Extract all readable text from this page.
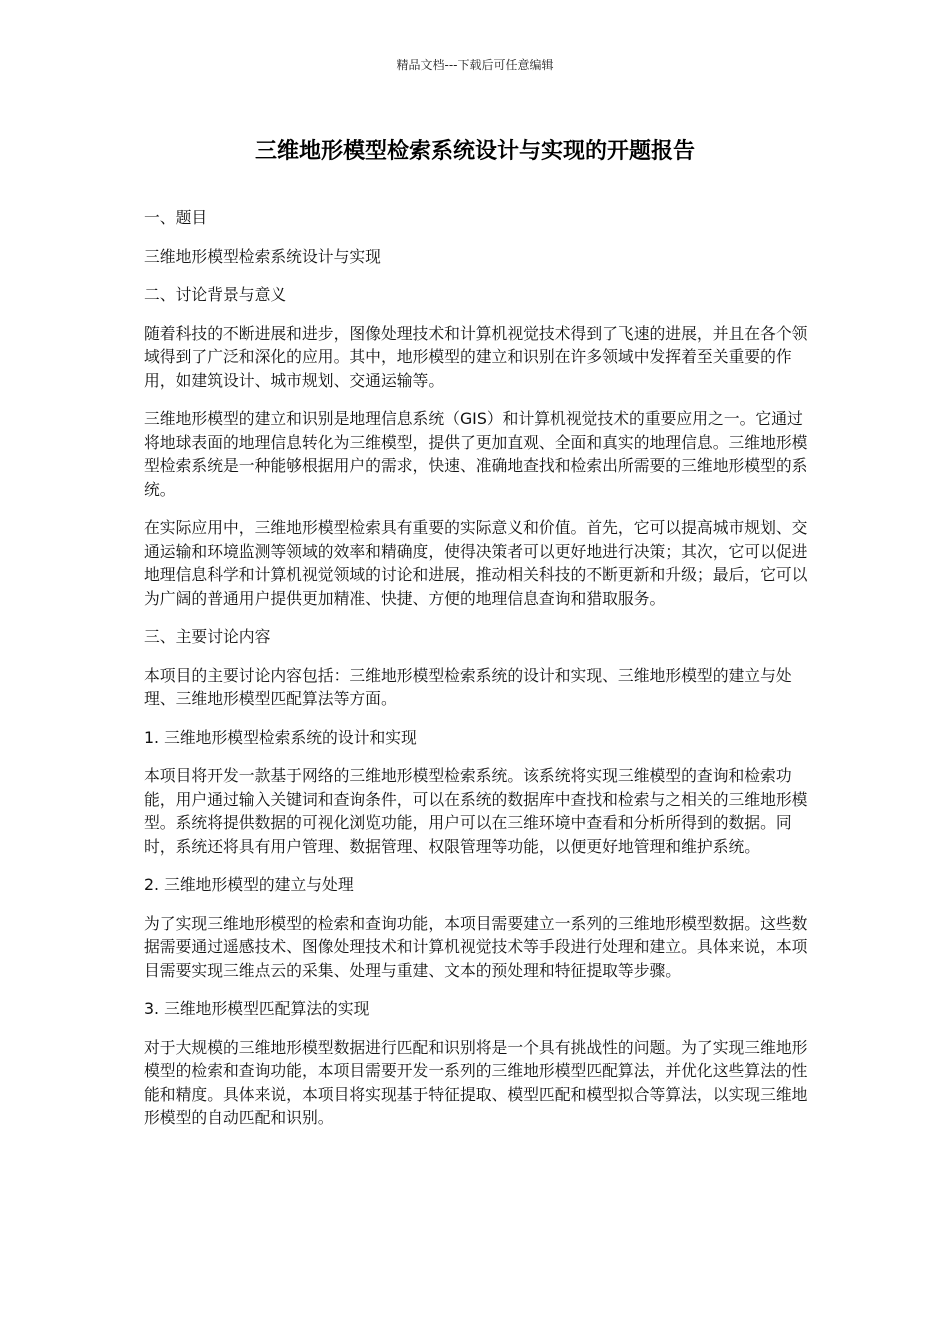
精品文档---下载后可任意编辑
三维地形模型检索系统设计与实现的开题报告

一、题目

三维地形模型检索系统设计与实现

二、讨论背景与意义

随着科技的不断进展和进步，图像处理技术和计算机视觉技术得到了飞速的进展，并且在各个领域得到了广泛和深化的应用。其中，地形模型的建立和识别在许多领域中发挥着至关重要的作用，如建筑设计、城市规划、交通运输等。

三维地形模型的建立和识别是地理信息系统（GIS）和计算机视觉技术的重要应用之一。它通过将地球表面的地理信息转化为三维模型，提供了更加直观、全面和真实的地理信息。三维地形模型检索系统是一种能够根据用户的需求，快速、准确地查找和检索出所需要的三维地形模型的系统。

在实际应用中，三维地形模型检索具有重要的实际意义和价值。首先，它可以提高城市规划、交通运输和环境监测等领域的效率和精确度，使得决策者可以更好地进行决策；其次，它可以促进地理信息科学和计算机视觉领域的讨论和进展，推动相关科技的不断更新和升级；最后，它可以为广阔的普通用户提供更加精准、快捷、方便的地理信息查询和猎取服务。

三、主要讨论内容

本项目的主要讨论内容包括：三维地形模型检索系统的设计和实现、三维地形模型的建立与处理、三维地形模型匹配算法等方面。

1. 三维地形模型检索系统的设计和实现

本项目将开发一款基于网络的三维地形模型检索系统。该系统将实现三维模型的查询和检索功能，用户通过输入关键词和查询条件，可以在系统的数据库中查找和检索与之相关的三维地形模型。系统将提供数据的可视化浏览功能，用户可以在三维环境中查看和分析所得到的数据。同时，系统还将具有用户管理、数据管理、权限管理等功能，以便更好地管理和维护系统。

2. 三维地形模型的建立与处理

为了实现三维地形模型的检索和查询功能，本项目需要建立一系列的三维地形模型数据。这些数据需要通过遥感技术、图像处理技术和计算机视觉技术等手段进行处理和建立。具体来说，本项目需要实现三维点云的采集、处理与重建、文本的预处理和特征提取等步骤。

3. 三维地形模型匹配算法的实现

对于大规模的三维地形模型数据进行匹配和识别将是一个具有挑战性的问题。为了实现三维地形模型的检索和查询功能，本项目需要开发一系列的三维地形模型匹配算法，并优化这些算法的性能和精度。具体来说，本项目将实现基于特征提取、模型匹配和模型拟合等算法，以实现三维地形模型的自动匹配和识别。
